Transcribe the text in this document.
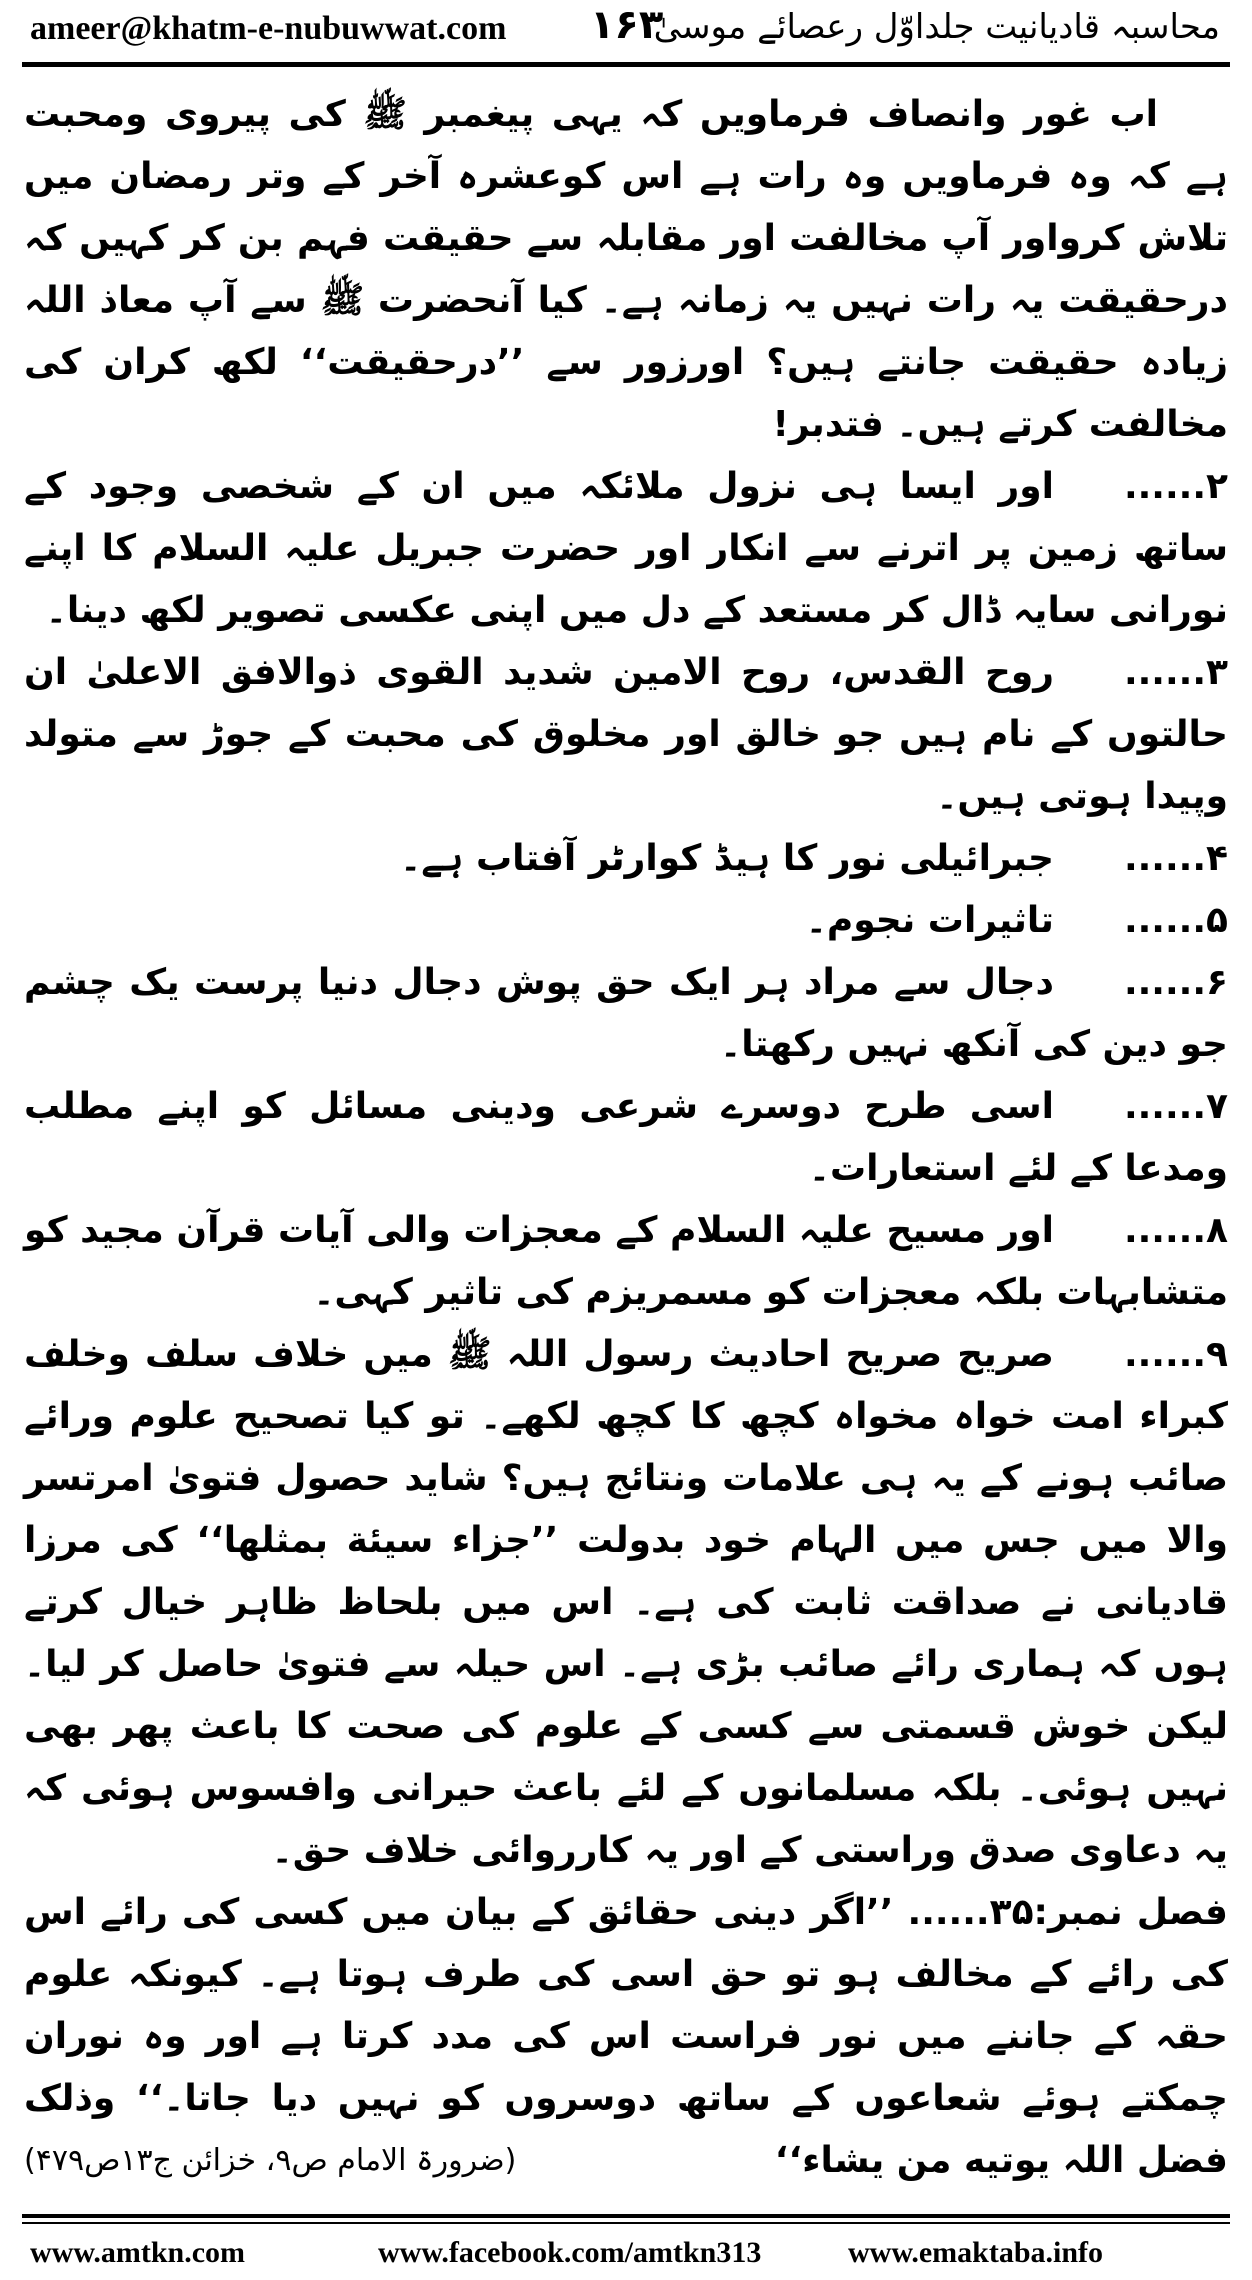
ameer@khatm-e-nubuwwat.com ۱۶۳
محاسبہ قادیانیت جلداوّل رعصائے موسیٰ

اب غور وانصاف فرماویں کہ یہی پیغمبر ﷺ کی پیروی ومحبت ہے کہ وہ فرماویں وہ رات ہے اس کوعشرہ آخر کے وتر رمضان میں تلاش کرواور آپ مخالفت اور مقابلہ سے حقیقت فہم بن کر کہیں کہ درحقیقت یہ رات نہیں یہ زمانہ ہے۔ کیا آنحضرت ﷺ سے آپ معاذ اللہ زیادہ حقیقت جانتے ہیں؟ اورزور سے ’’درحقیقت‘‘ لکھ کران کی مخالفت کرتے ہیں۔ فتدبر!

۲......اور ایسا ہی نزول ملائکہ میں ان کے شخصی وجود کے ساتھ زمین پر اترنے سے انکار اور حضرت جبریل علیہ السلام کا اپنے نورانی سایہ ڈال کر مستعد کے دل میں اپنی عکسی تصویر لکھ دینا۔

۳......روح القدس، روح الامین شدید القوی ذوالافق الاعلیٰ ان حالتوں کے نام ہیں جو خالق اور مخلوق کی محبت کے جوڑ سے متولد وپیدا ہوتی ہیں۔

۴......جبرائیلی نور کا ہیڈ کوارٹر آفتاب ہے۔

۵......تاثیرات نجوم۔

۶......دجال سے مراد ہر ایک حق پوش دجال دنیا پرست یک چشم جو دین کی آنکھ نہیں رکھتا۔

۷......اسی طرح دوسرے شرعی ودینی مسائل کو اپنے مطلب ومدعا کے لئے استعارات۔

۸......اور مسیح علیہ السلام کے معجزات والی آیات قرآن مجید کو متشابہات بلکہ معجزات کو مسمریزم کی تاثیر کہی۔

۹......صریح صریح احادیث رسول اللہ ﷺ میں خلاف سلف وخلف کبراء امت خواہ مخواہ کچھ کا کچھ لکھے۔ تو کیا تصحیح علوم ورائے صائب ہونے کے یہ ہی علامات ونتائج ہیں؟ شاید حصول فتویٰ امرتسر والا میں جس میں الہام خود بدولت ’’جزاء سیئة بمثلها‘‘ کی مرزا قادیانی نے صداقت ثابت کی ہے۔ اس میں بلحاظ ظاہر خیال کرتے ہوں کہ ہماری رائے صائب بڑی ہے۔ اس حیلہ سے فتویٰ حاصل کر لیا۔ لیکن خوش قسمتی سے کسی کے علوم کی صحت کا باعث پھر بھی نہیں ہوئی۔ بلکہ مسلمانوں کے لئے باعث حیرانی وافسوس ہوئی کہ یہ دعاوی صدق وراستی کے اور یہ کارروائی خلاف حق۔

فصل نمبر:۳۵...... ’’اگر دینی حقائق کے بیان میں کسی کی رائے اس کی رائے کے مخالف ہو تو حق اسی کی طرف ہوتا ہے۔ کیونکہ علوم حقہ کے جاننے میں نور فراست اس کی مدد کرتا ہے اور وہ نوران چمکتے ہوئے شعاعوں کے ساتھ دوسروں کو نہیں دیا جاتا۔‘‘ وذلک فضل اللہ یوتیه من یشاء‘‘
(ضرورۃ الامام ص۹، خزائن ج۱۳ص۴۷۹)

www.amtkn.com	www.facebook.com/amtkn313	www.emaktaba.info
